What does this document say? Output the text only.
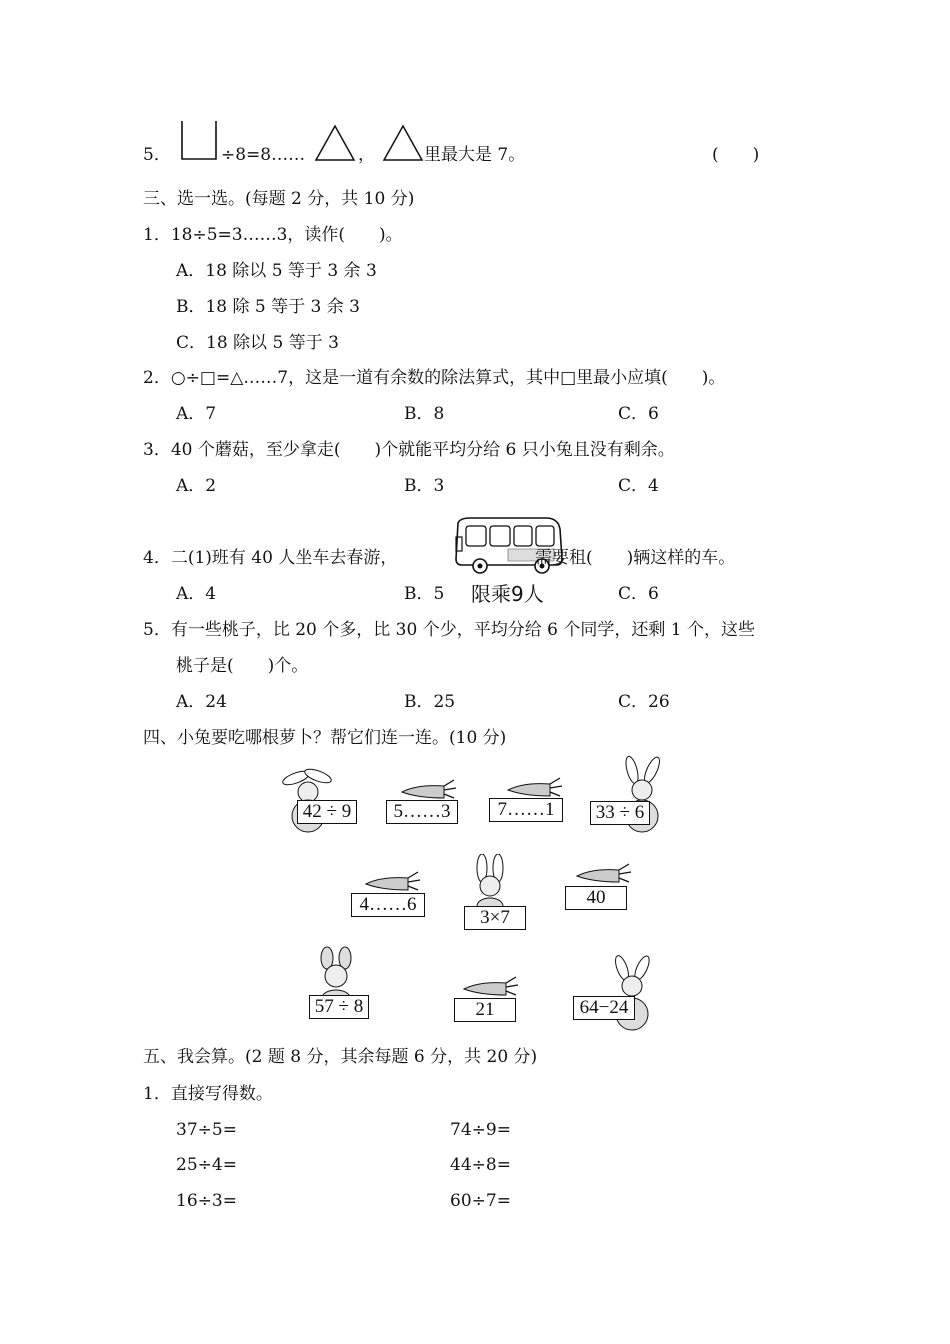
5．	÷8=8……	，	里最大是 7。	(　　)
三、选一选。(每题 2 分，共 10 分)
1．18÷5=3……3，读作(　　)。
A．18 除以 5 等于 3 余 3
B．18 除 5 等于 3 余 3
C．18 除以 5 等于 3
2．○÷□=△……7，这是一道有余数的除法算式，其中□里最小应填(　　)。
A．7	B．8	C．6
3．40 个蘑菇，至少拿走(　　)个就能平均分给 6 只小兔且没有剩余。
A．2	B．3	C．4
4．二(1)班有 40 人坐车去春游，	需要租(　　)辆这样的车。
限乘9人
A．4	B．5	C．6
5．有一些桃子，比 20 个多，比 30 个少，平均分给 6 个同学，还剩 1 个，这些
桃子是(　　)个。
A．24	B．25	C．26
四、小兔要吃哪根萝卜？帮它们连一连。(10 分)
42 ÷ 9	5……3	7……1	33 ÷ 6
4……6
3×7
40
57 ÷ 8	21	64−24
五、我会算。(2 题 8 分，其余每题 6 分，共 20 分)
1．直接写得数。
37÷5=	74÷9=
25÷4=	44÷8=
16÷3=	60÷7=
